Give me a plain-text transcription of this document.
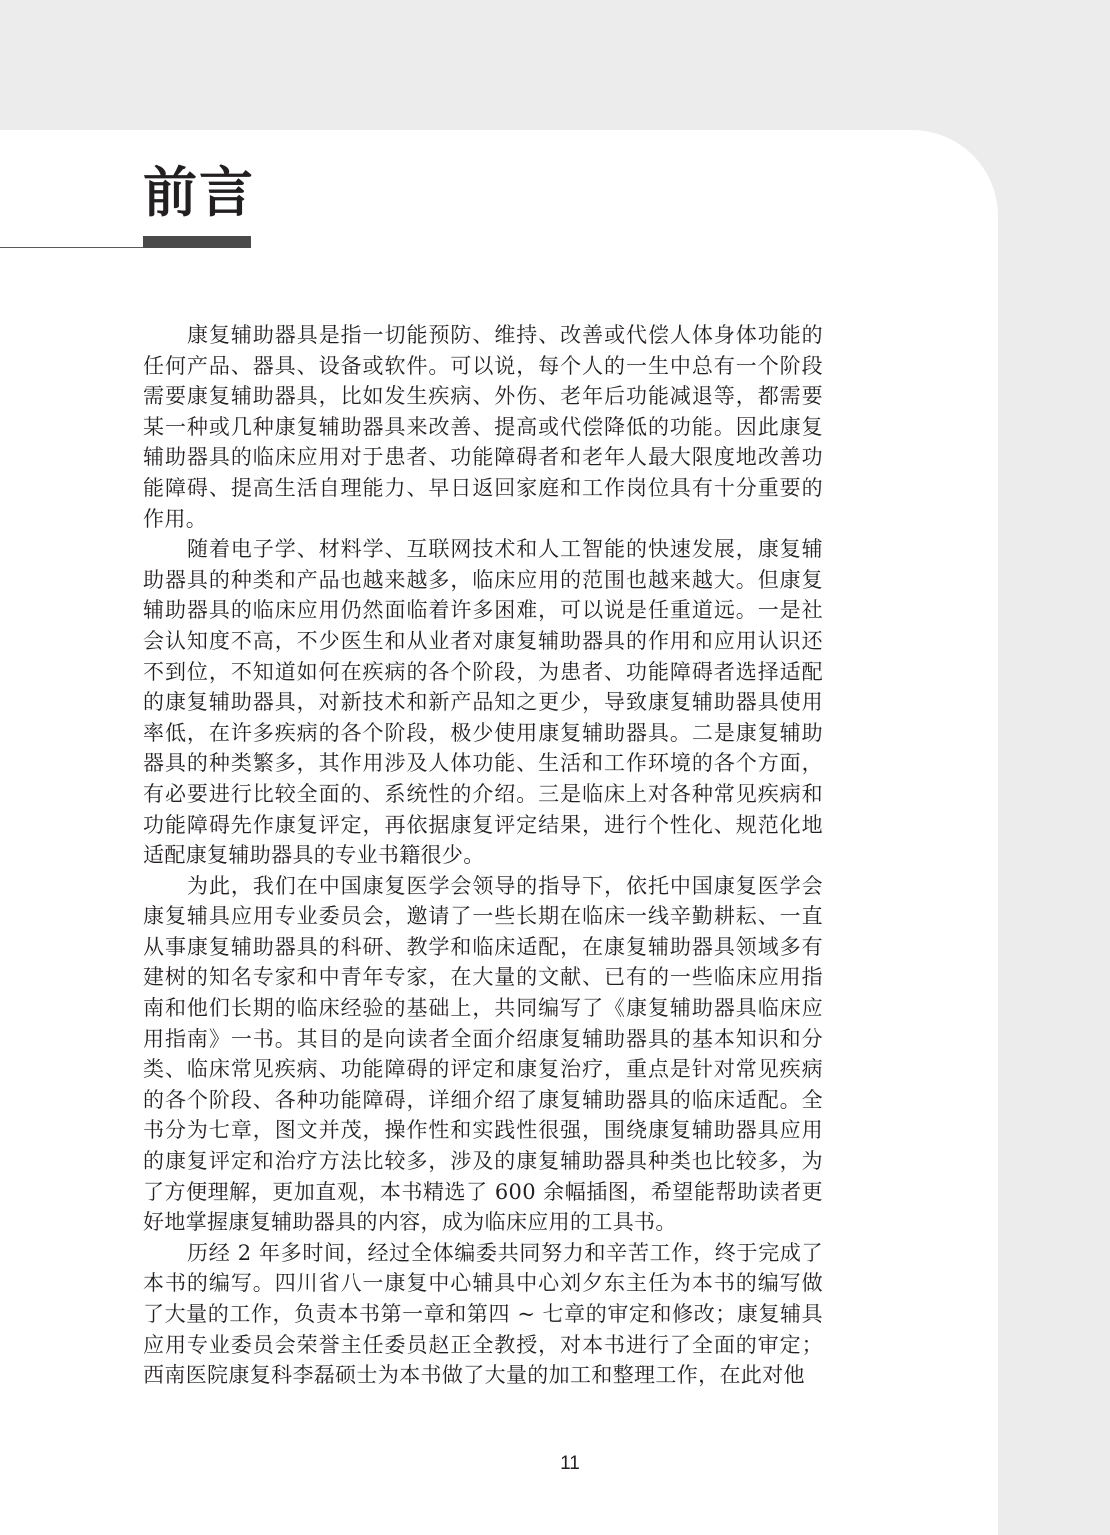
前言

康复辅助器具是指一切能预防、维持、改善或代偿人体身体功能的任何产品、器具、设备或软件。可以说，每个人的一生中总有一个阶段需要康复辅助器具，比如发生疾病、外伤、老年后功能减退等，都需要某一种或几种康复辅助器具来改善、提高或代偿降低的功能。因此康复辅助器具的临床应用对于患者、功能障碍者和老年人最大限度地改善功能障碍、提高生活自理能力、早日返回家庭和工作岗位具有十分重要的作用。

随着电子学、材料学、互联网技术和人工智能的快速发展，康复辅助器具的种类和产品也越来越多，临床应用的范围也越来越大。但康复辅助器具的临床应用仍然面临着许多困难，可以说是任重道远。一是社会认知度不高，不少医生和从业者对康复辅助器具的作用和应用认识还不到位，不知道如何在疾病的各个阶段，为患者、功能障碍者选择适配的康复辅助器具，对新技术和新产品知之更少，导致康复辅助器具使用率低，在许多疾病的各个阶段，极少使用康复辅助器具。二是康复辅助器具的种类繁多，其作用涉及人体功能、生活和工作环境的各个方面，有必要进行比较全面的、系统性的介绍。三是临床上对各种常见疾病和功能障碍先作康复评定，再依据康复评定结果，进行个性化、规范化地适配康复辅助器具的专业书籍很少。

为此，我们在中国康复医学会领导的指导下，依托中国康复医学会康复辅具应用专业委员会，邀请了一些长期在临床一线辛勤耕耘、一直从事康复辅助器具的科研、教学和临床适配，在康复辅助器具领域多有建树的知名专家和中青年专家，在大量的文献、已有的一些临床应用指南和他们长期的临床经验的基础上，共同编写了《康复辅助器具临床应用指南》一书。其目的是向读者全面介绍康复辅助器具的基本知识和分类、临床常见疾病、功能障碍的评定和康复治疗，重点是针对常见疾病的各个阶段、各种功能障碍，详细介绍了康复辅助器具的临床适配。全书分为七章，图文并茂，操作性和实践性很强，围绕康复辅助器具应用的康复评定和治疗方法比较多，涉及的康复辅助器具种类也比较多，为了方便理解，更加直观，本书精选了 600 余幅插图，希望能帮助读者更好地掌握康复辅助器具的内容，成为临床应用的工具书。

历经 2 年多时间，经过全体编委共同努力和辛苦工作，终于完成了本书的编写。四川省八一康复中心辅具中心刘夕东主任为本书的编写做了大量的工作，负责本书第一章和第四 ~ 七章的审定和修改；康复辅具应用专业委员会荣誉主任委员赵正全教授，对本书进行了全面的审定；西南医院康复科李磊硕士为本书做了大量的加工和整理工作，在此对他

11
